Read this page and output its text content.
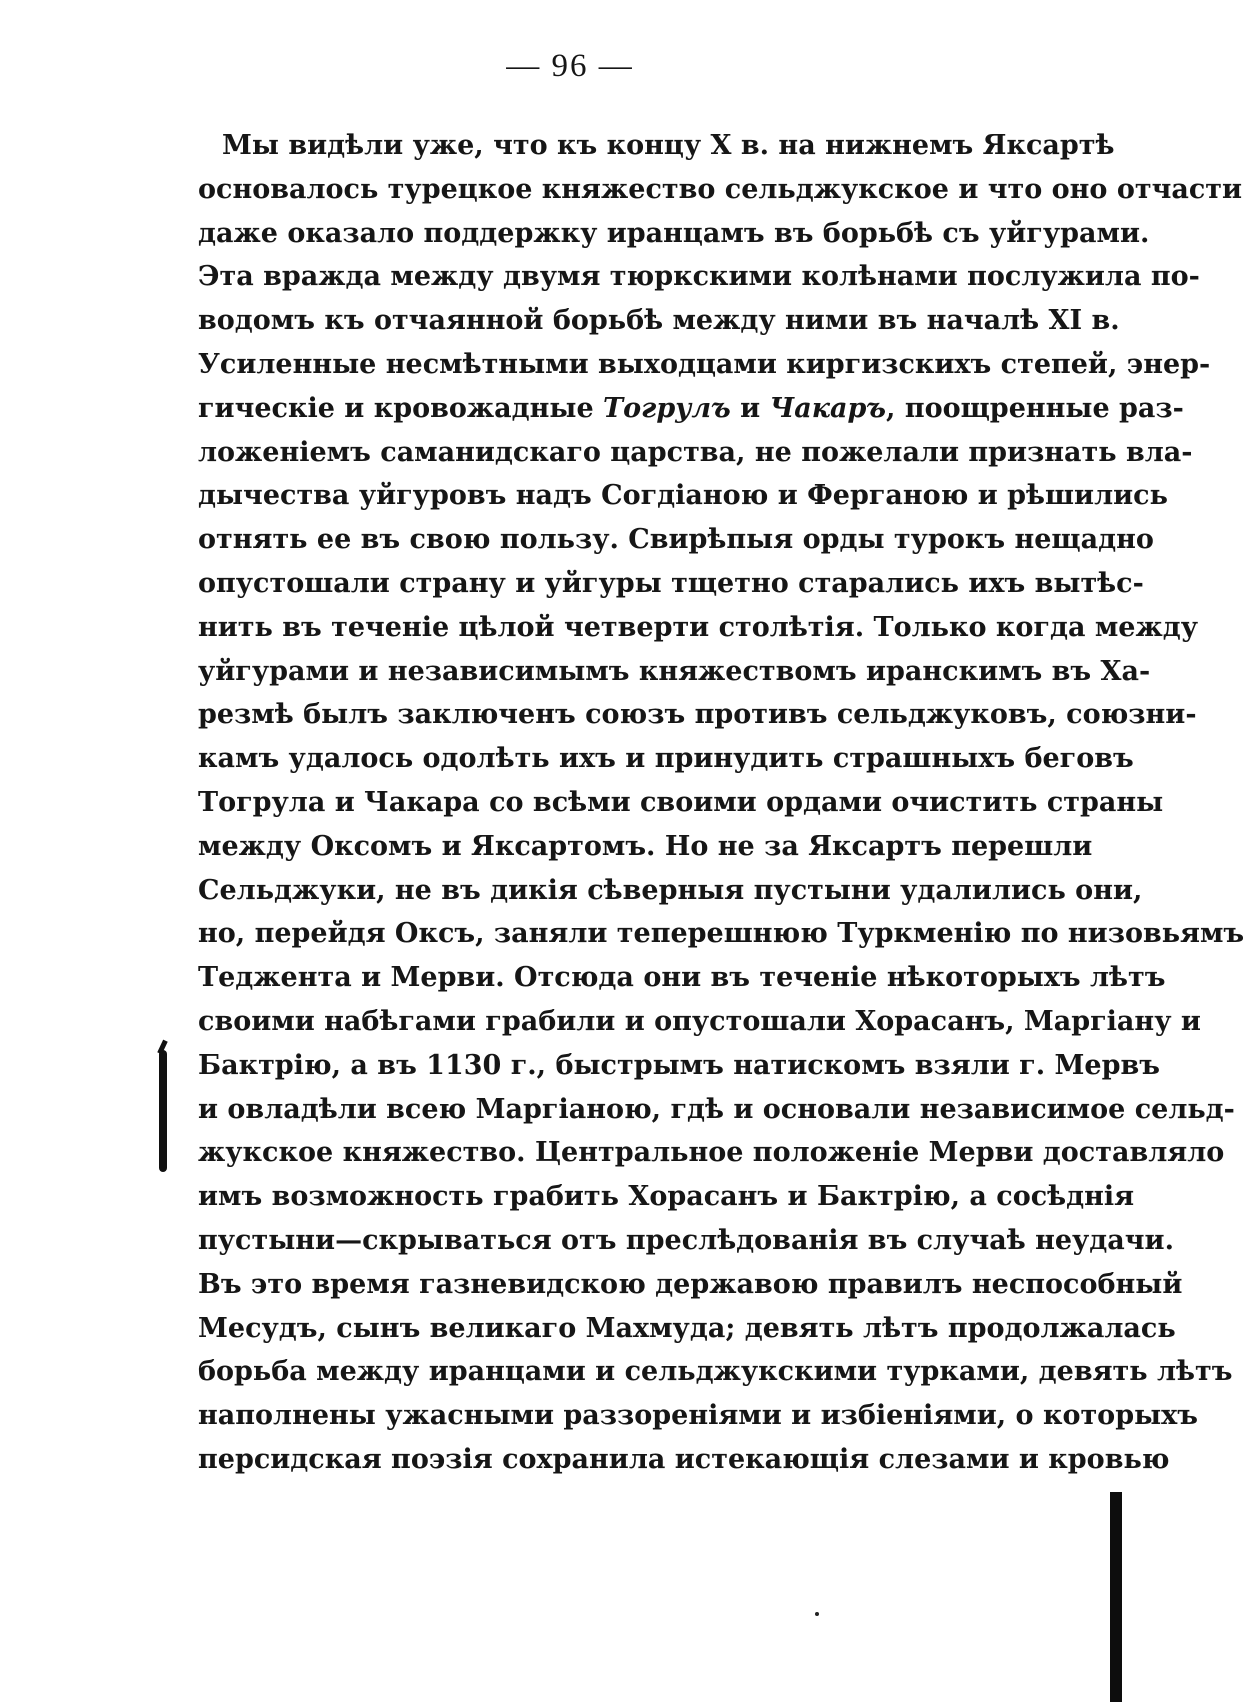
— 96 —
Мы видѣли уже, что къ концу X в. на нижнемъ Яксартѣ
основалось турецкое княжество сельджукское и что оно отчасти
даже оказало поддержку иранцамъ въ борьбѣ съ уйгурами.
Эта вражда между двумя тюркскими колѣнами послужила по-
водомъ къ отчаянной борьбѣ между ними въ началѣ XI в.
Усиленные несмѣтными выходцами киргизскихъ степей, энер-
гическіе и кровожадные Тогрулъ и Чакаръ, поощренные раз-
ложеніемъ саманидскаго царства, не пожелали признать вла-
дычества уйгуровъ надъ Согдіаною и Ферганою и рѣшились
отнять ее въ свою пользу. Свирѣпыя орды турокъ нещадно
опустошали страну и уйгуры тщетно старались ихъ вытѣс-
нить въ теченіе цѣлой четверти столѣтія. Только когда между
уйгурами и независимымъ княжествомъ иранскимъ въ Ха-
резмѣ былъ заключенъ союзъ противъ сельджуковъ, союзни-
камъ удалось одолѣть ихъ и принудить страшныхъ беговъ
Тогрула и Чакара со всѣми своими ордами очистить страны
между Оксомъ и Яксартомъ. Но не за Яксартъ перешли
Сельджуки, не въ дикія сѣверныя пустыни удалились они,
но, перейдя Оксъ, заняли теперешнюю Туркменію по низовьямъ
Теджента и Мерви. Отсюда они въ теченіе нѣкоторыхъ лѣтъ
своими набѣгами грабили и опустошали Хорасанъ, Маргіану и
Бактрію, а въ 1130 г., быстрымъ натискомъ взяли г. Мервъ
и овладѣли всею Маргіаною, гдѣ и основали независимое сельд-
жукское княжество. Центральное положеніе Мерви доставляло
имъ возможность грабить Хорасанъ и Бактрію, а сосѣднія
пустыни—скрываться отъ преслѣдованія въ случаѣ неудачи.
Въ это время газневидскою державою правилъ неспособный
Месудъ, сынъ великаго Махмуда; девять лѣтъ продолжалась
борьба между иранцами и сельджукскими турками, девять лѣтъ
наполнены ужасными раззореніями и избіеніями, о которыхъ
персидская поэзія сохранила истекающія слезами и кровью
